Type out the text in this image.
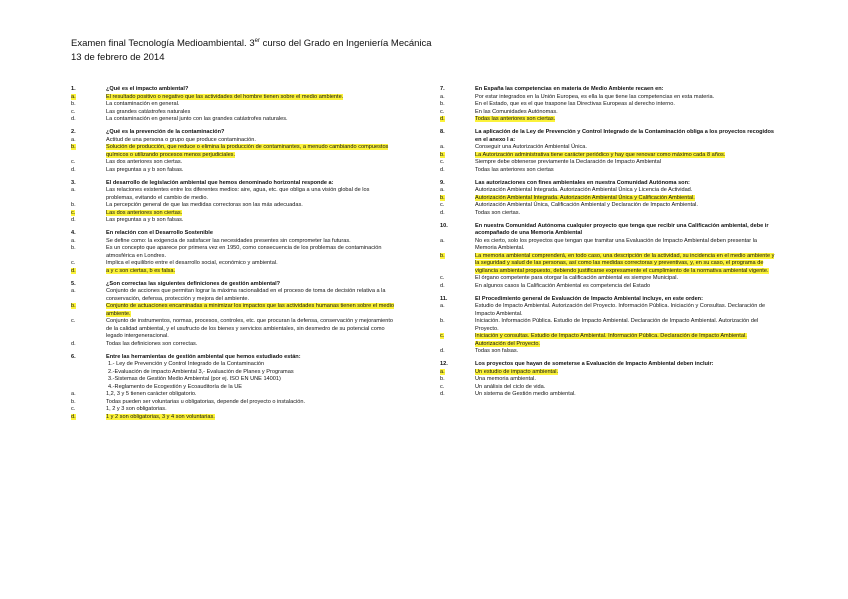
Examen final Tecnología Medioambiental. 3er curso del Grado en Ingeniería Mecánica
13 de febrero de 2014
1.	¿Qué es el impacto ambiental?
a.	El resultado positivo o negativo que las actividades del hombre tienen sobre el medio ambiente.
b.	La contaminación en general.
c.	Las grandes catástrofes naturales
d.	La contaminación en general junto con las grandes catástrofes naturales.
2.	¿Qué es la prevención de la contaminación?
a.	Actitud de una persona o grupo que produce contaminación.
b.	Solución de producción, que reduce o elimina la producción de contaminantes, a menudo cambiando compuestos químicos o utilizando procesos menos perjudiciales.
c.	Las dos anteriores son ciertas.
d.	Las preguntas a y b son falsas.
3.	El desarrollo de legislación ambiental que hemos denominado horizontal responde a:
a.	Las relaciones existentes entre los diferentes medios: aire, agua, etc. que obliga a una visión global de los problemas, evitando el cambio de medio.
b.	La percepción general de que las medidas correctoras son las más adecuadas.
c.	Las dos anteriores son ciertas.
d.	Las preguntas a y b son falsas.
4.	En relación con el Desarrollo Sostenible
a.	Se define como: la exigencia de satisfacer las necesidades presentes sin comprometer las futuras.
b.	Es un concepto que aparece por primera vez en 1950, como consecuencia de los problemas de contaminación atmosférica en Londres.
c.	Implica el equilibrio entre el desarrollo social, económico y ambiental.
d.	a y c son ciertas, b es falsa.
5.	¿Son correctas las siguientes definiciones de gestión ambiental?
a.	Conjunto de acciones que permitan lograr la máxima racionalidad en el proceso de toma de decisión relativa a la conservación, defensa, protección y mejora del ambiente.
b.	Conjunto de actuaciones encaminadas a minimizar los impactos que las actividades humanas tienen sobre el medio ambiente.
c.	Conjunto de instrumentos, normas, procesos, controles, etc. que procuran la defensa, conservación y mejoramiento de la calidad ambiental, y el usufructo de los bienes y servicios ambientales, sin desmedro de su potencial como legado intergeneracional.
d.	Todas las definiciones son correctas.
6.	Entre las herramientas de gestión ambiental que hemos estudiado están:
1.- Ley de Prevención y Control Integrado de la Contaminación
2.-Evaluación de impacto Ambiental 3,- Evaluación de Planes y Programas
3.-Sistemas de Gestión Medio Ambiental (por ej. ISO EN UNE 14001)
4.-Reglamento de Ecogestión y Ecoauditoría de la UE
a.	1,2, 3 y 5 tienen carácter obligatorio.
b.	Todas pueden ser voluntarias u obligatorias, depende del proyecto o instalación.
c.	1, 2 y 3 son obligatorias.
d.	1 y 2 son obligatorias, 3 y 4 son voluntarias.
7.	En España las competencias en materia de Medio Ambiente recaen en:
a.	Por estar integrados en la Unión Europea, es ella la que tiene las competencias en esta materia.
b.	En el Estado, que es el que traspone las Directivas Europeas al derecho interno.
c.	En las Comunidades Autónomas.
d.	Todas las anteriores son ciertas.
8.	La aplicación de la Ley de Prevención y Control Integrado de la Contaminación obliga a los proyectos recogidos en el anexo I a:
a.	Conseguir una Autorización Ambiental Única.
b.	La Autorización administrativa tiene carácter periódico y hay que renovar como máximo cada 8 años.
c.	Siempre debe obtenerse previamente la Declaración de Impacto Ambiental
d.	Todas las anteriores son ciertas
9.	Las autorizaciones con fines ambientales en nuestra Comunidad Autónoma son:
a.	Autorización Ambiental Integrada. Autorización Ambiental Única y Licencia de Actividad.
b.	Autorización Ambiental Integrada. Autorización Ambiental Única y Calificación Ambiental.
c.	Autorización Ambiental Única, Calificación Ambiental y Declaración de Impacto Ambiental.
d.	Todas son ciertas.
10.	En nuestra Comunidad Autónoma cualquier proyecto que tenga que recibir una Calificación ambiental, debe ir acompañado de una Memoria Ambiental
a.	No es cierto, solo los proyectos que tengan que tramitar una Evaluación de Impacto Ambiental deben presentar la Memoria Ambiental.
b.	La memoria ambiental comprenderá, en todo caso, una descripción de la actividad, su incidencia en el medio ambiente y la seguridad y salud de las personas, así como las medidas correctoras y preventivas, y, en su caso, el programa de vigilancia ambiental propuesto, debiendo justificarse expresamente el cumplimiento de la normativa ambiental vigente.
c.	El órgano competente para otorgar la calificación ambiental es siempre Municipal.
d.	En algunos casos la Calificación Ambiental es competencia del Estado
11.	El Procedimiento general de Evaluación de Impacto Ambiental incluye, en este orden:
a.	Estudio de Impacto Ambiental. Autorización del Proyecto. Información Pública. Iniciación y Consultas. Declaración de Impacto Ambiental.
b.	Iniciación. Información Pública. Estudio de Impacto Ambiental. Declaración de Impacto Ambiental. Autorización del Proyecto.
c.	Iniciación y consultas. Estudio de Impacto Ambiental. Información Pública. Declaración de Impacto Ambiental. Autorización del Proyecto.
d.	Todas son falsas.
12.	Los proyectos que hayan de someterse a Evaluación de Impacto Ambiental deben incluir:
a.	Un estudio de impacto ambiental.
b.	Una memoria ambiental.
c.	Un análisis del ciclo de vida.
d.	Un sistema de Gestión medio ambiental.
